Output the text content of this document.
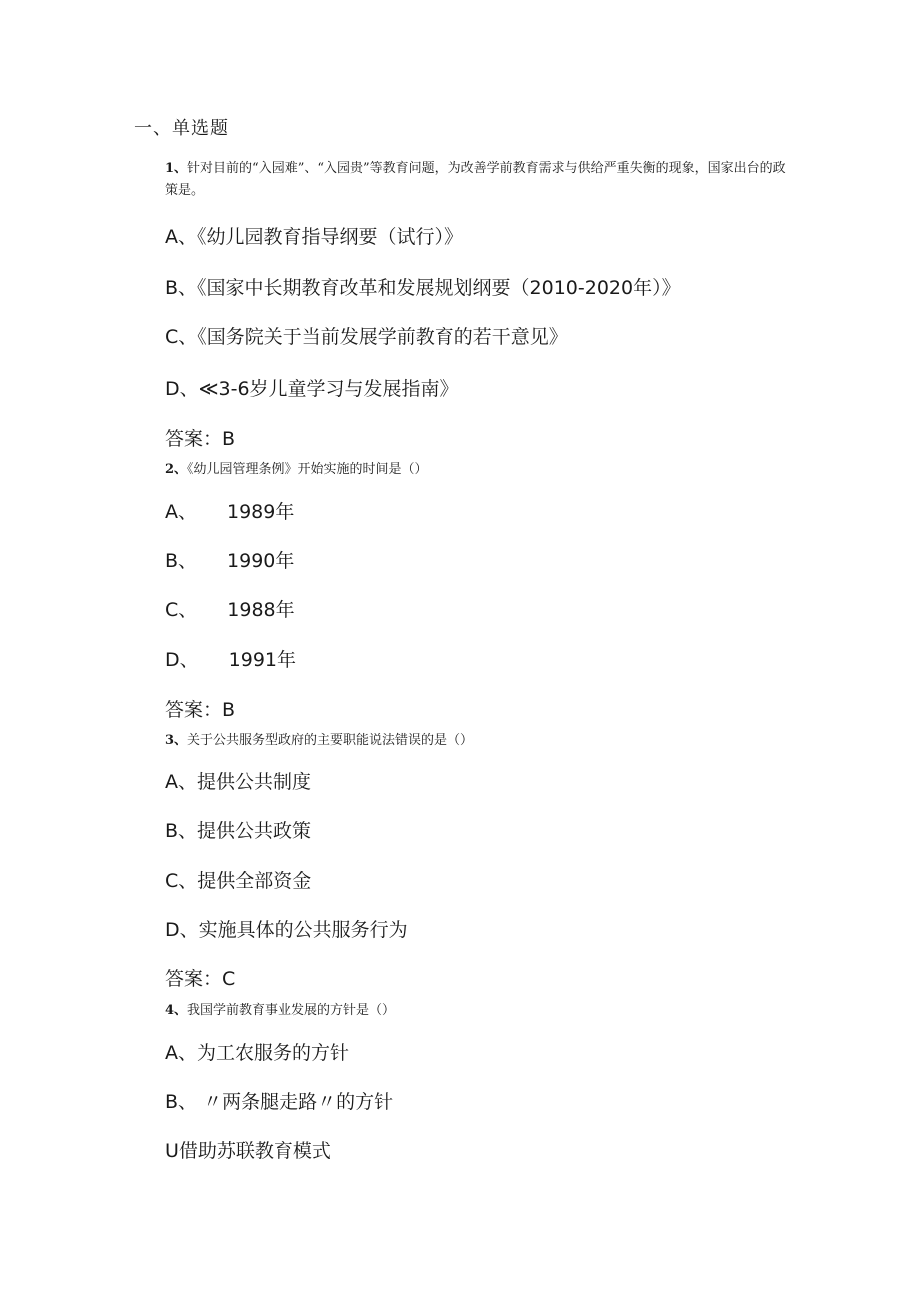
一、单选题
1、针对目前的“入园难”、“入园贵”等教育问题，为改善学前教育需求与供给严重失衡的现象，国家出台的政策是。
A、《幼儿园教育指导纲要（试行）》
B、《国家中长期教育改革和发展规划纲要（2010-2020年）》
C、《国务院关于当前发展学前教育的若干意见》
D、≪3-6岁儿童学习与发展指南》
答案：B
2、《幼儿园管理条例》开始实施的时间是（）
A、 1989年
B、 1990年
C、 1988年
D、 1991年
答案：B
3、关于公共服务型政府的主要职能说法错误的是（）
A、提供公共制度
B、提供公共政策
C、提供全部资金
D、实施具体的公共服务行为
答案：C
4、我国学前教育事业发展的方针是（）
A、为工农服务的方针
B、 〃两条腿走路〃的方针
U借助苏联教育模式
